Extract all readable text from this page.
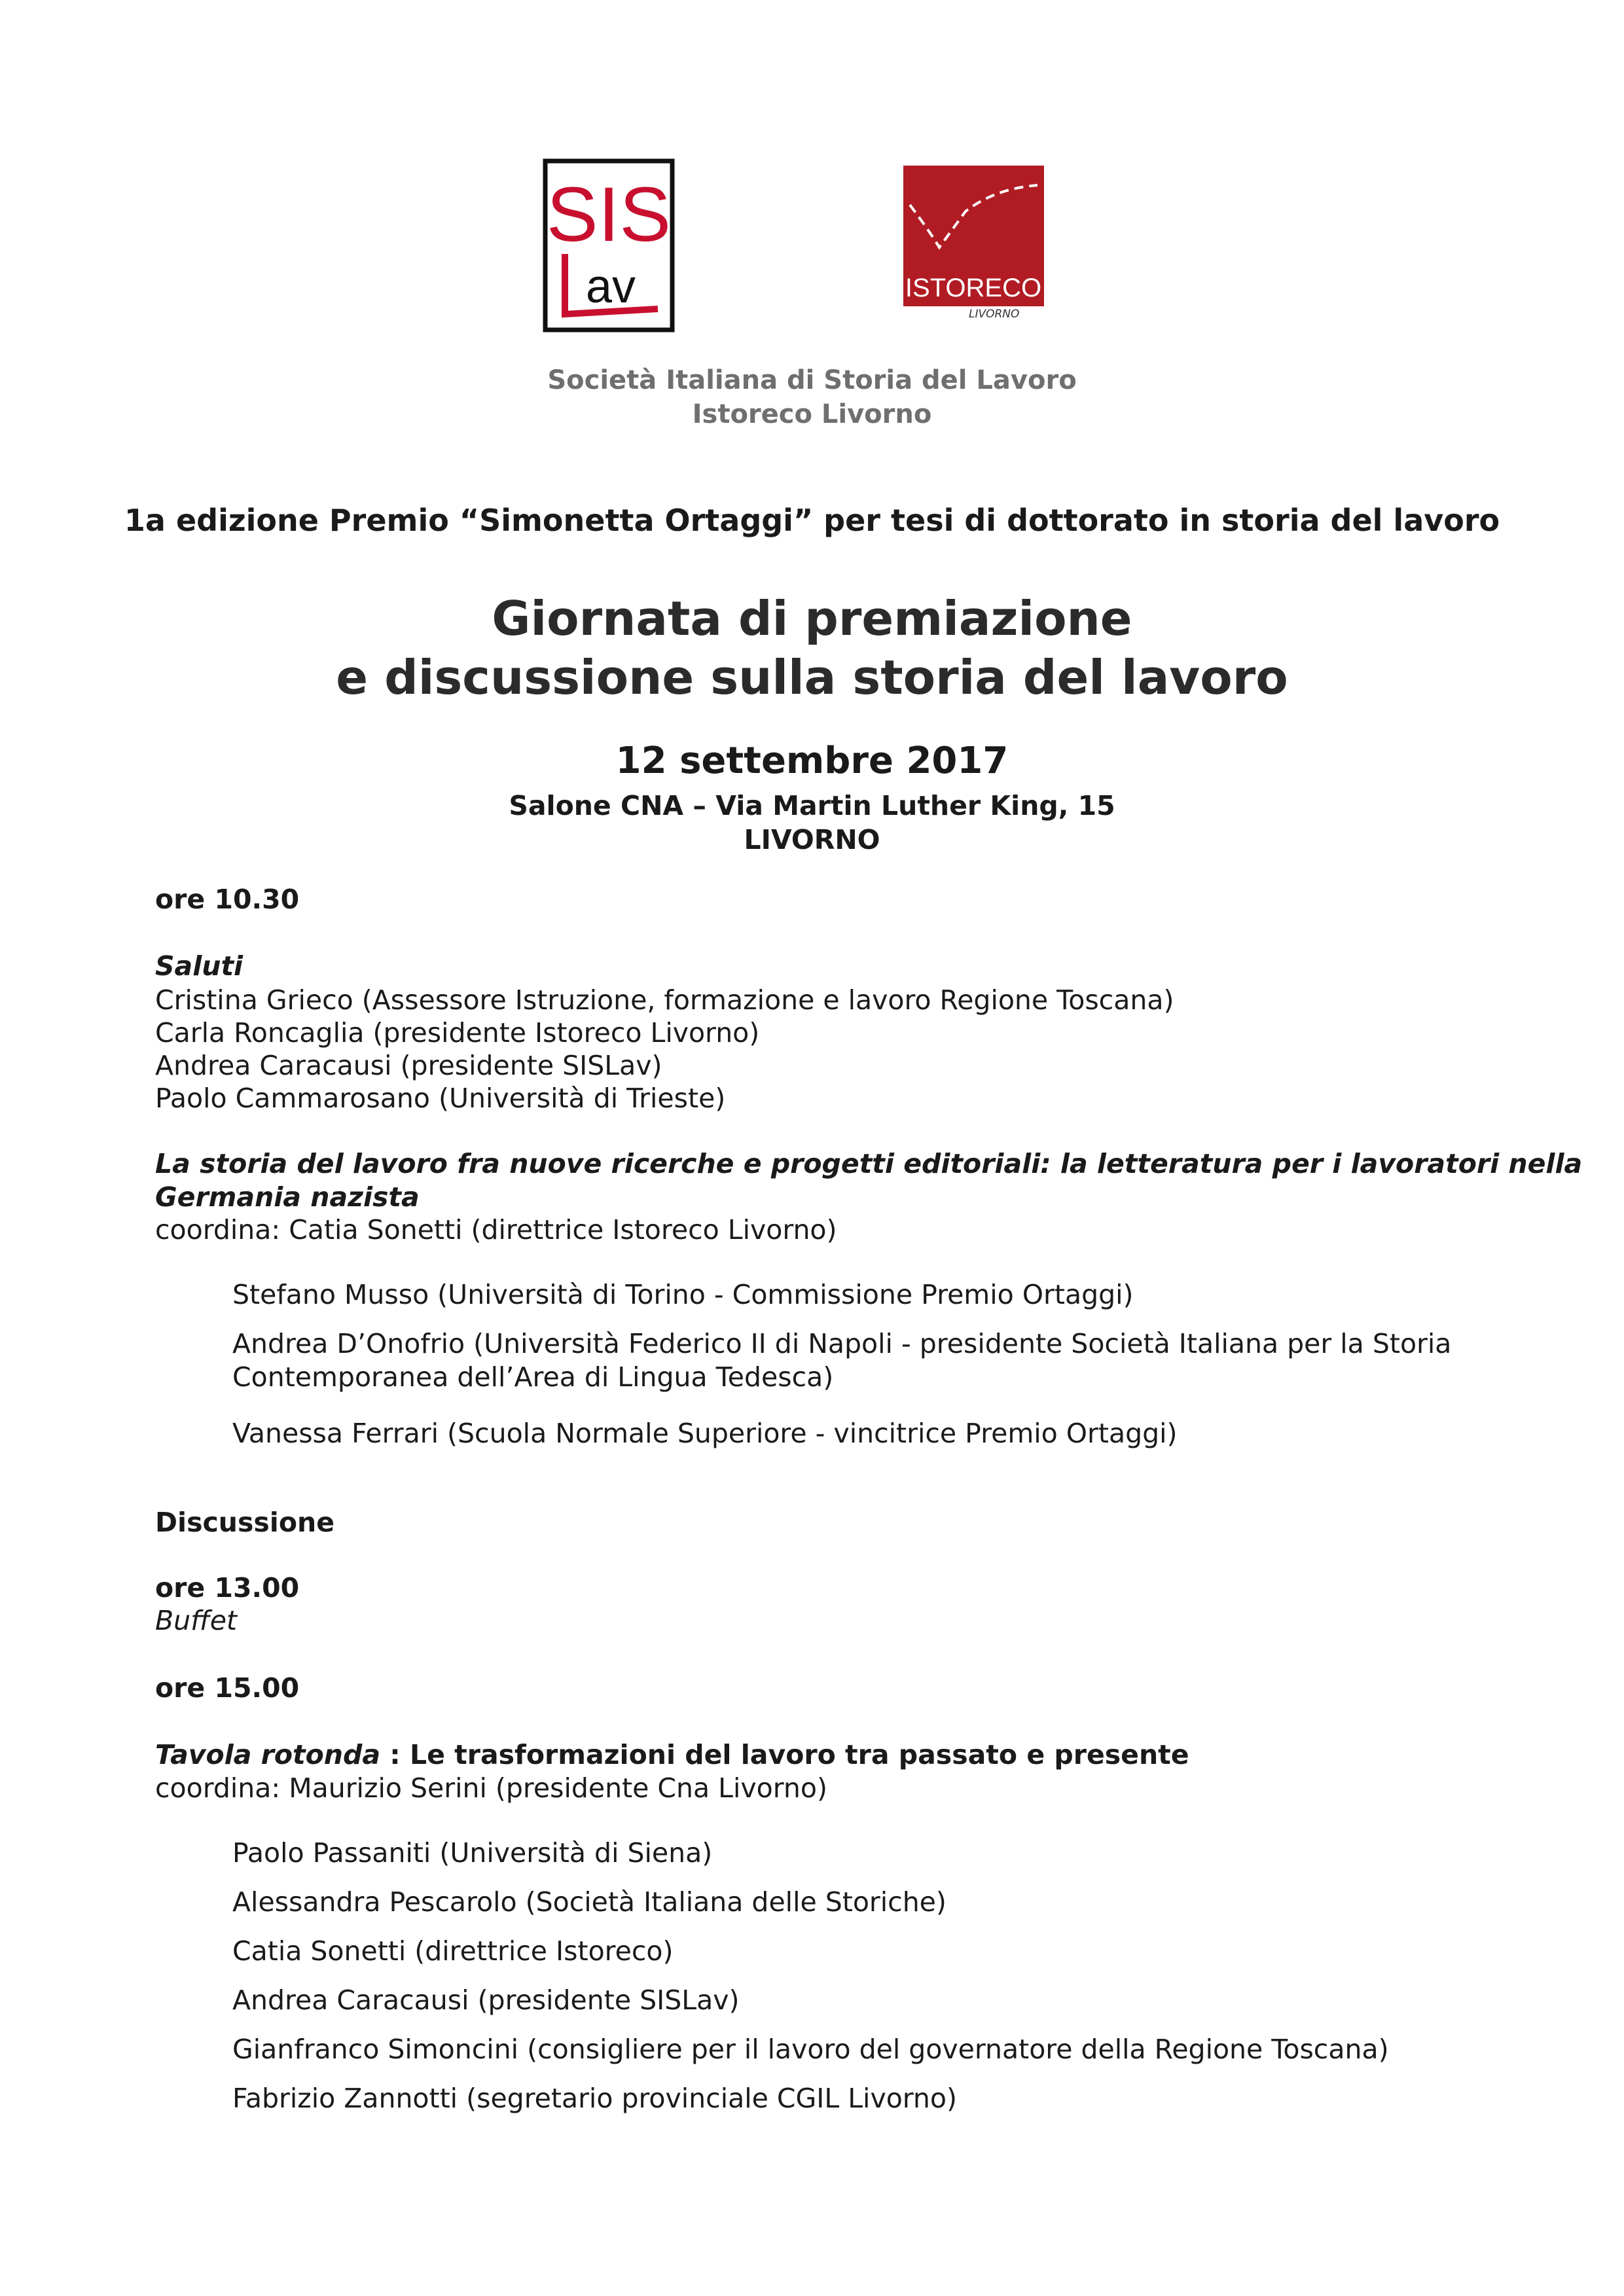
SIS
av	ISTORECO
LIVORNO
Società Italiana di Storia del Lavoro
Istoreco Livorno
1a edizione Premio “Simonetta Ortaggi” per tesi di dottorato in storia del lavoro
Giornata di premiazione
e discussione sulla storia del lavoro
12 settembre 2017
Salone CNA – Via Martin Luther King, 15
LIVORNO
ore 10.30
Saluti
Cristina Grieco (Assessore Istruzione, formazione e lavoro Regione Toscana)
Carla Roncaglia (presidente Istoreco Livorno)
Andrea Caracausi (presidente SISLav)
Paolo Cammarosano (Università di Trieste)
La storia del lavoro fra nuove ricerche e progetti editoriali: la letteratura per i lavoratori nella
Germania nazista
coordina: Catia Sonetti (direttrice Istoreco Livorno)
Stefano Musso (Università di Torino - Commissione Premio Ortaggi)
Andrea D’Onofrio (Università Federico II di Napoli - presidente Società Italiana per la Storia
Contemporanea dell’Area di Lingua Tedesca)
Vanessa Ferrari (Scuola Normale Superiore - vincitrice Premio Ortaggi)
Discussione
ore 13.00
Buffet
ore 15.00
Tavola rotonda : Le trasformazioni del lavoro tra passato e presente
coordina: Maurizio Serini (presidente Cna Livorno)
Paolo Passaniti (Università di Siena)
Alessandra Pescarolo (Società Italiana delle Storiche)
Catia Sonetti (direttrice Istoreco)
Andrea Caracausi (presidente SISLav)
Gianfranco Simoncini (consigliere per il lavoro del governatore della Regione Toscana)
Fabrizio Zannotti (segretario provinciale CGIL Livorno)
